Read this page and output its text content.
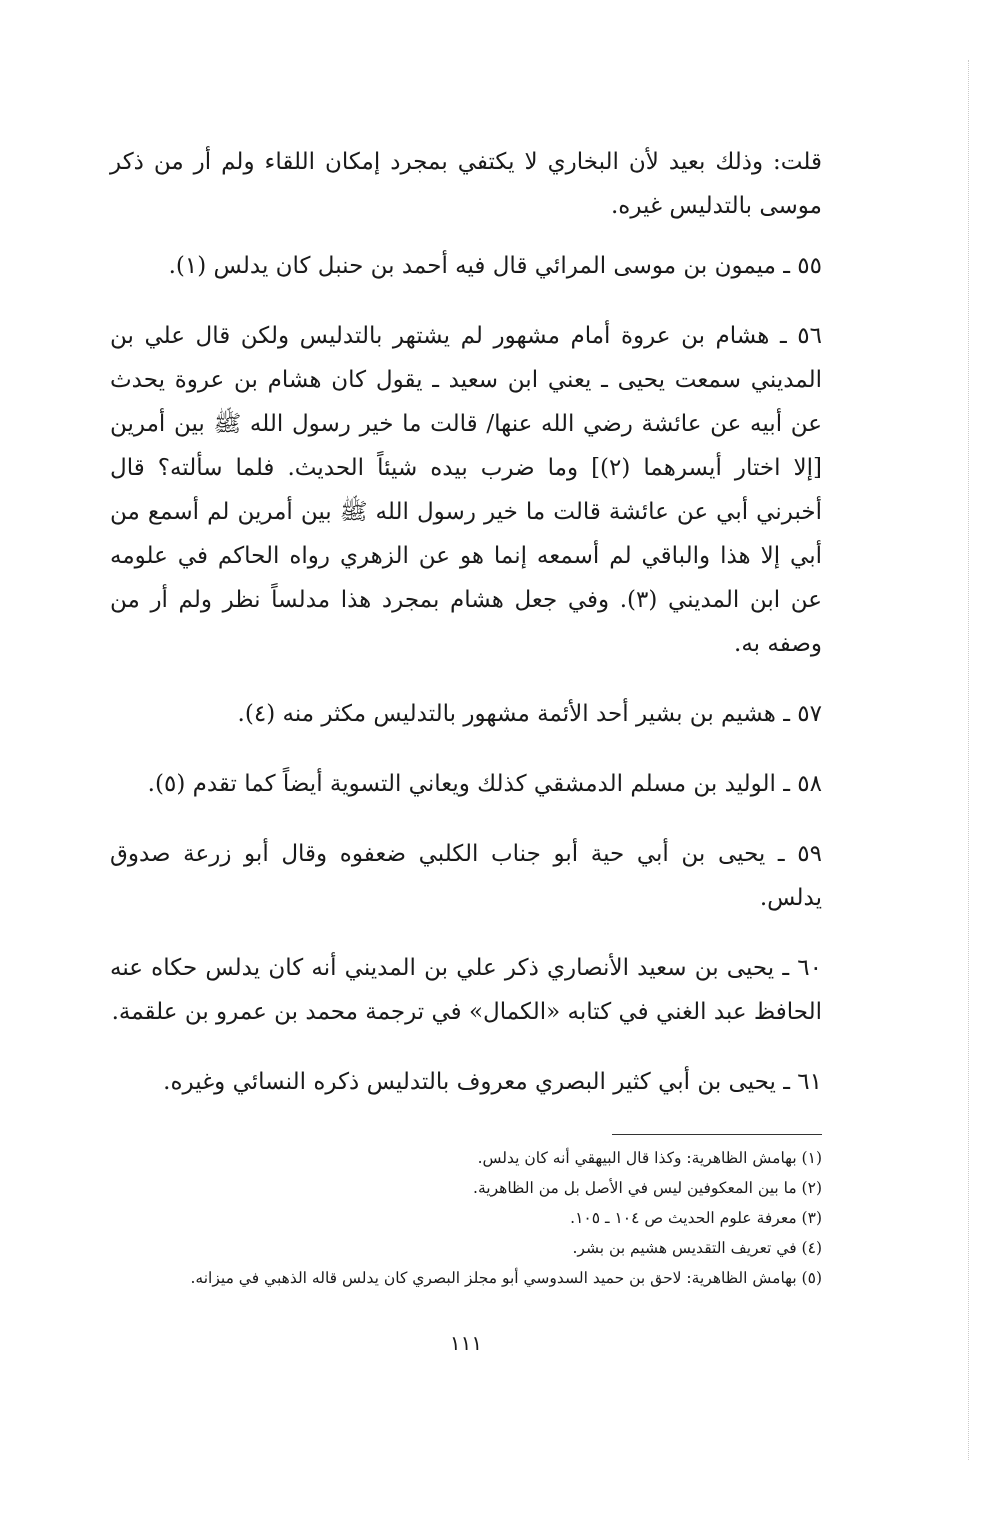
قلت: وذلك بعيد لأن البخاري لا يكتفي بمجرد إمكان اللقاء ولم أر من ذكر موسى بالتدليس غيره.

٥٥ ـ ميمون بن موسى المرائي قال فيه أحمد بن حنبل كان يدلس (١).

٥٦ ـ هشام بن عروة أمام مشهور لم يشتهر بالتدليس ولكن قال علي بن المديني سمعت يحيى ـ يعني ابن سعيد ـ يقول كان هشام بن عروة يحدث عن أبيه عن عائشة رضي الله عنها/ قالت ما خير رسول الله ﷺ بين أمرين [إلا اختار أيسرهما (٢)] وما ضرب بيده شيئاً الحديث. فلما سألته؟ قال أخبرني أبي عن عائشة قالت ما خير رسول الله ﷺ بين أمرين لم أسمع من أبي إلا هذا والباقي لم أسمعه إنما هو عن الزهري رواه الحاكم في علومه عن ابن المديني (٣). وفي جعل هشام بمجرد هذا مدلساً نظر ولم أر من وصفه به.

٥٧ ـ هشيم بن بشير أحد الأئمة مشهور بالتدليس مكثر منه (٤).

٥٨ ـ الوليد بن مسلم الدمشقي كذلك ويعاني التسوية أيضاً كما تقدم (٥).

٥٩ ـ يحيى بن أبي حية أبو جناب الكلبي ضعفوه وقال أبو زرعة صدوق يدلس.

٦٠ ـ يحيى بن سعيد الأنصاري ذكر علي بن المديني أنه كان يدلس حكاه عنه الحافظ عبد الغني في كتابه «الكمال» في ترجمة محمد بن عمرو بن علقمة.

٦١ ـ يحيى بن أبي كثير البصري معروف بالتدليس ذكره النسائي وغيره.

(١) بهامش الظاهرية: وكذا قال البيهقي أنه كان يدلس.

(٢) ما بين المعكوفين ليس في الأصل بل من الظاهرية.

(٣) معرفة علوم الحديث ص ١٠٤ ـ ١٠٥.

(٤) في تعريف التقديس هشيم بن بشر.

(٥) بهامش الظاهرية: لاحق بن حميد السدوسي أبو مجلز البصري كان يدلس قاله الذهبي في ميزانه.

١١١
